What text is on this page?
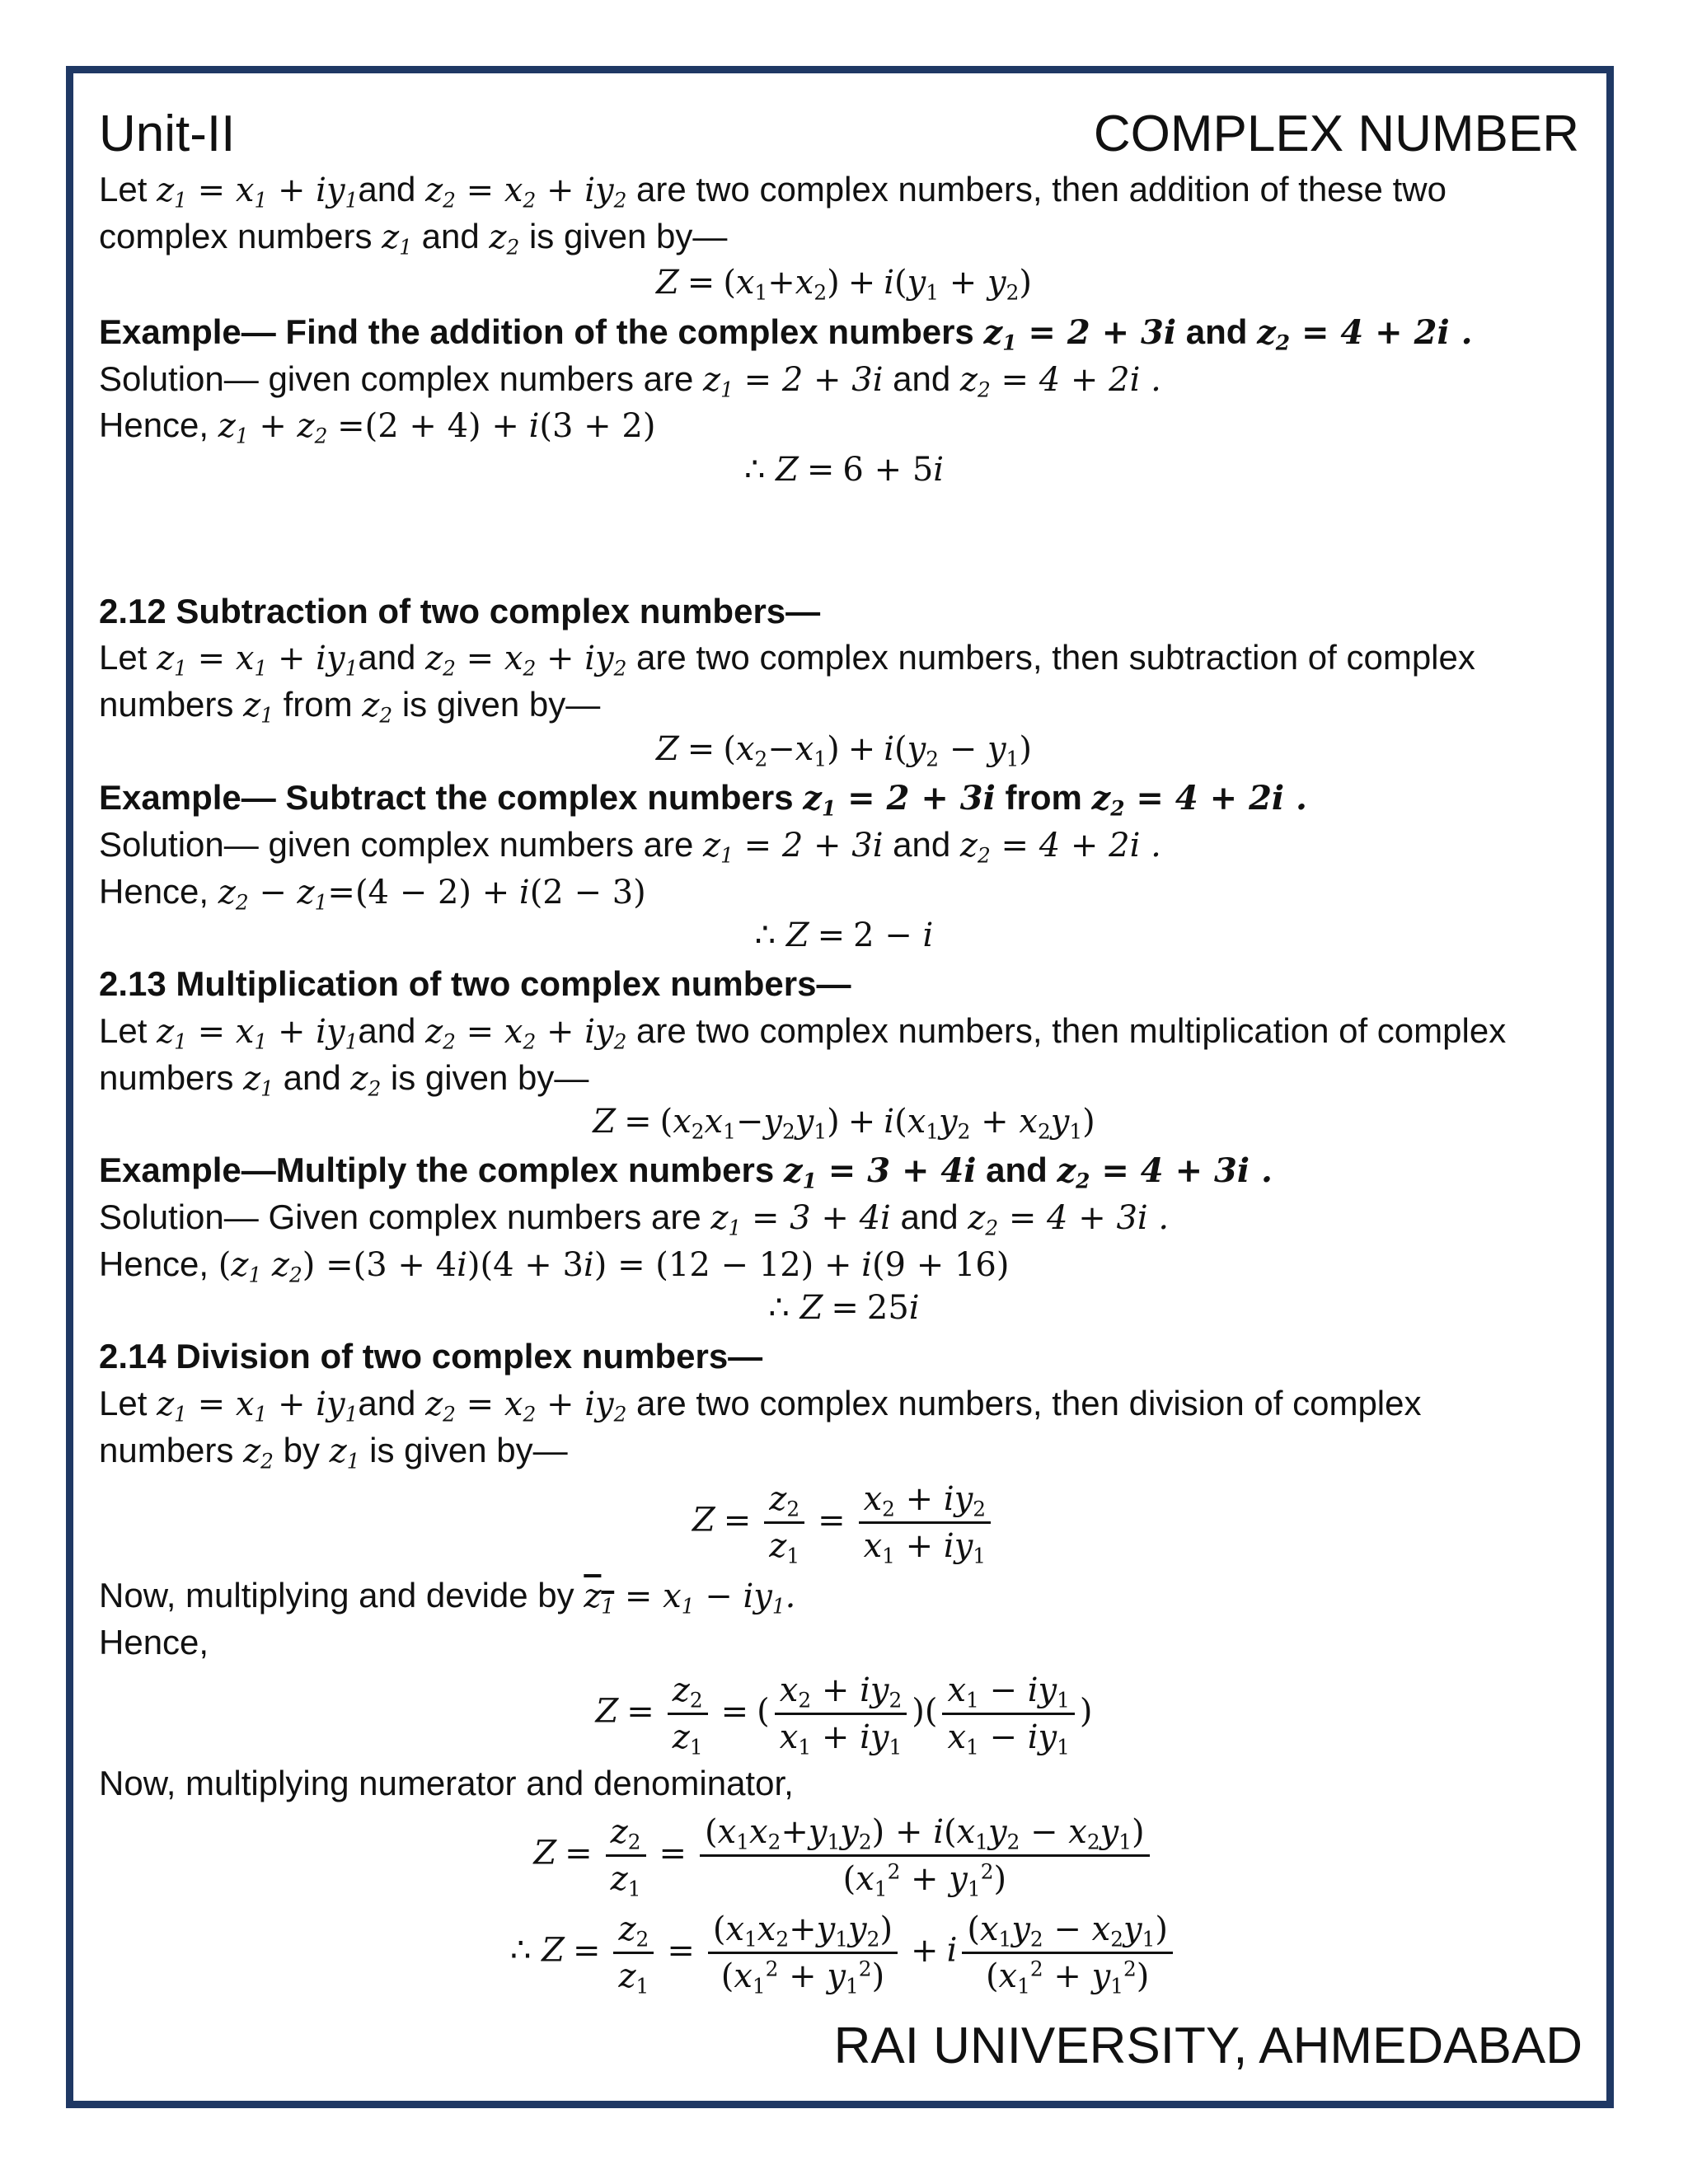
Unit-II	COMPLEX NUMBER
Let $z_1 = x_1 + iy_1and$ $z_2 = x_2 + iy_2$ are two complex numbers, then addition of these two
complex numbers $z_1$ and $z_2$ is given by—
$Z = (x_1+x_2) + i(y_1 + y_2)$
Example— Find the addition of the complex numbers $z_1 = 2 + 3i$ and $z_2 = 4 + 2i$ .
Solution— given complex numbers are $z_1 = 2 + 3i$ and $z_2 = 4 + 2i$ .
Hence, $z_1 + z_2 =(2 + 4) + i(3 + 2)$
∴ Z = 6 + 5i
2.12 Subtraction of two complex numbers—
Let $z_1 = x_1 + iy_1and$ $z_2 = x_2 + iy_2$ are two complex numbers, then subtraction of complex
numbers $z_1$ from $z_2$ is given by—
$Z = (x_2-x_1) + i(y_2 - y_1)$
Example— Subtract the complex numbers $z_1 = 2 + 3i$ from $z_2 = 4 + 2i$ .
Solution— given complex numbers are $z_1 = 2 + 3i$ and $z_2 = 4 + 2i$ .
Hence, $z_2 - z_1=(4 - 2) + i(2 - 3)$
∴ Z = 2 − i
2.13 Multiplication of two complex numbers—
Let $z_1 = x_1 + iy_1and$ $z_2 = x_2 + iy_2$ are two complex numbers, then multiplication of complex
numbers $z_1$ and $z_2$ is given by—
$Z = (x_2x_1-y_2y_1) + i(x_1y_2 + x_2y_1)$
Example—Multiply the complex numbers $z_1 = 3 + 4i$ and $z_2 = 4 + 3i$ .
Solution— Given complex numbers are $z_1 = 3 + 4i$ and $z_2 = 4 + 3i$ .
Hence, ($z_1$ $z_2) =(3 + 4i)(4 + 3i) = (12 - 12) + i(9 + 16)$
∴ Z = 25i
2.14 Division of two complex numbers—
Let $z_1 = x_1 + iy_1and$ $z_2 = x_2 + iy_2$ are two complex numbers, then division of complex
numbers $z_2$ by $z_1$ is given by—
$Z = \frac{z_2}{z_1} = \frac{x_2 + iy_2}{x_1 + iy_1}$
Now, multiplying and devide by $z_1 = x_1 - iy_1$.
Hence,
$Z = \frac{z_2}{z_1}$ = ( $\frac{x_2 + iy_2}{x_1 + iy_1}$ )( $\frac{x_1 - iy_1}{x_1 - iy_1}$ )
Now, multiplying numerator and denominator,
$Z = \frac{z_2}{z_1} = \frac{(x_1x_2+y_1y_2) + i(x_1y_2 - x_2y_1)}{(x_1^2 + y_1^2)}$
∴ $Z = \frac{z_2}{z_1} = \frac{(x_1x_2+y_1y_2)}{(x_1^2 + y_1^2)} + i \frac{(x_1y_2 - x_2y_1)}{(x_1^2 + y_1^2)}$
RAI UNIVERSITY, AHMEDABAD
